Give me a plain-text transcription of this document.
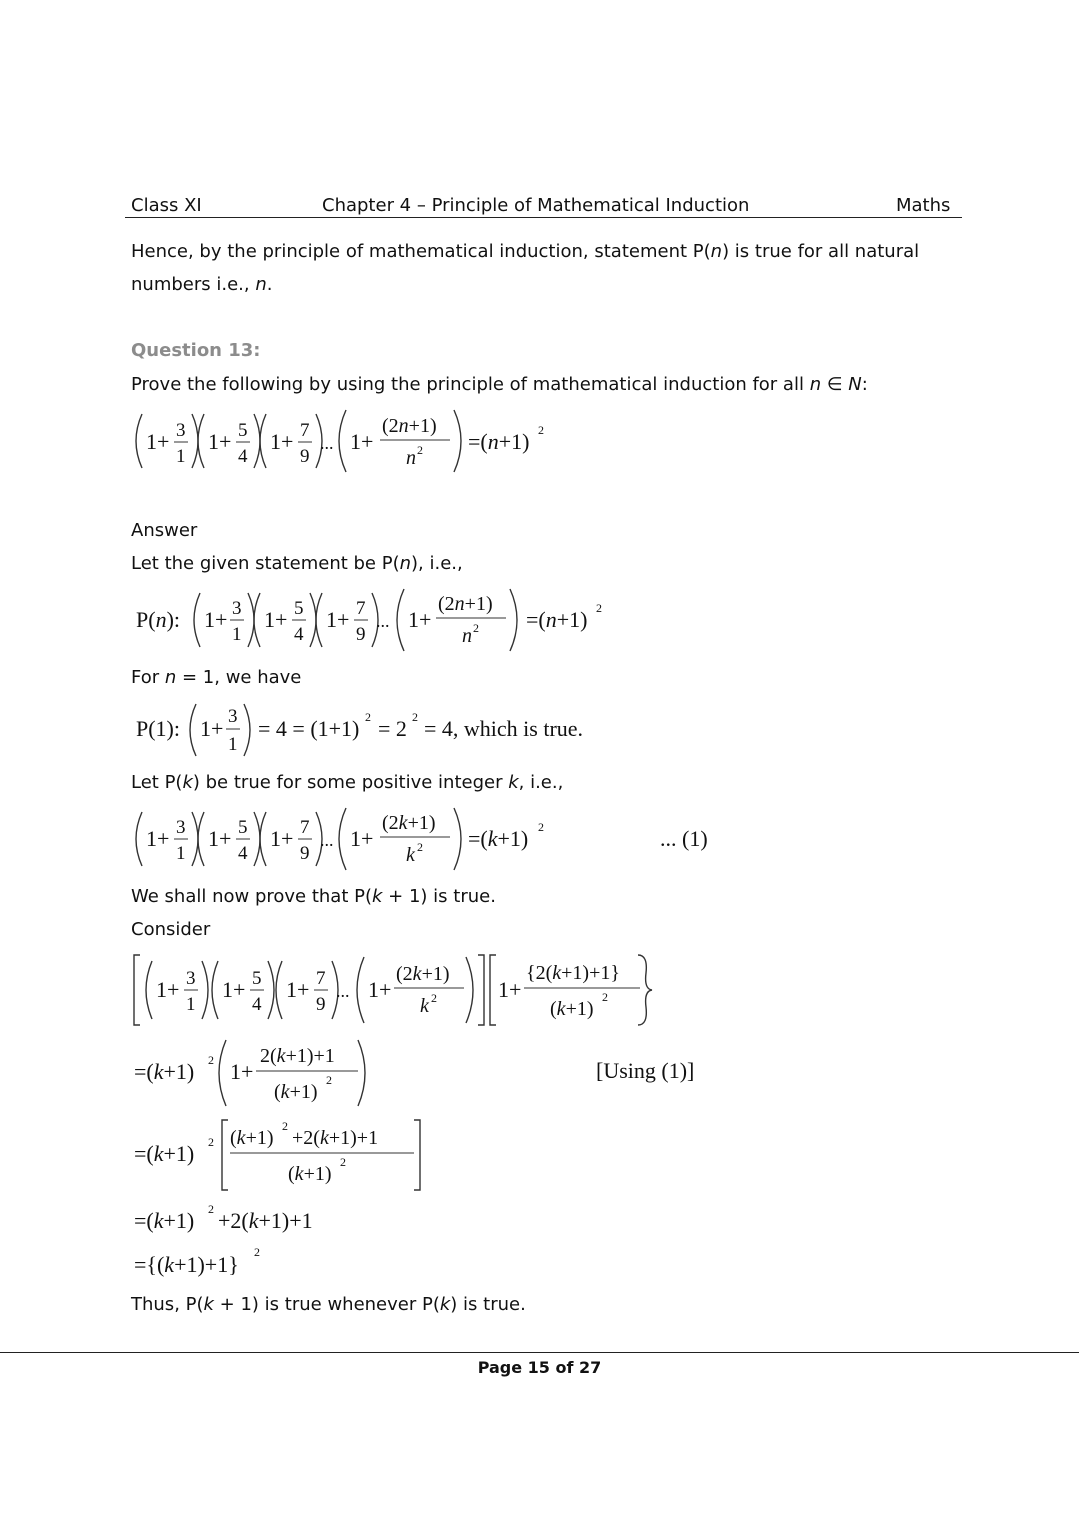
Class XI	Chapter 4 – Principle of Mathematical Induction	Maths
Hence, by the principle of mathematical induction, statement P(n) is true for all natural
numbers i.e., n.
Question 13:
Prove the following by using the principle of mathematical induction for all n ∈ N:
1+ 3
1
1+ 5
4
1+ 7
9
... 1+
(2n+1)
n 2 =(n+1) 2
Answer
Let the given statement be P(n), i.e.,
P(n): 1+ 3
1
1+ 5
4
1+ 7
9
... 1+
(2n+1)
n 2 =(n+1) 2
For n = 1, we have
P(1): 1+ 3
1
= 4 = (1+1) 2 = 2 2 = 4, which is true.
Let P(k) be true for some positive integer k, i.e.,
1+ 3
1
1+ 5
4
1+ 7
9
... 1+
(2k+1)
k 2 =(k+1) 2	... (1)
We shall now prove that P(k + 1) is true.
Consider
1+ 3
1
1+ 5
4
1+ 7
9
... 1+
(2k+1)
k 2	1+
{2(k+1)+1}
(k+1)
2
=(k+1) 2 1+
2(k+1)+1
(k+1)
2	[Using (1)]
=(k+1) 2 (k+1)
2
+2(k+1)+1
(k+1)
2
=(k+1) 2 +2(k+1)+1
={(k+1)+1} 2
Thus, P(k + 1) is true whenever P(k) is true.
Page 15 of 27
